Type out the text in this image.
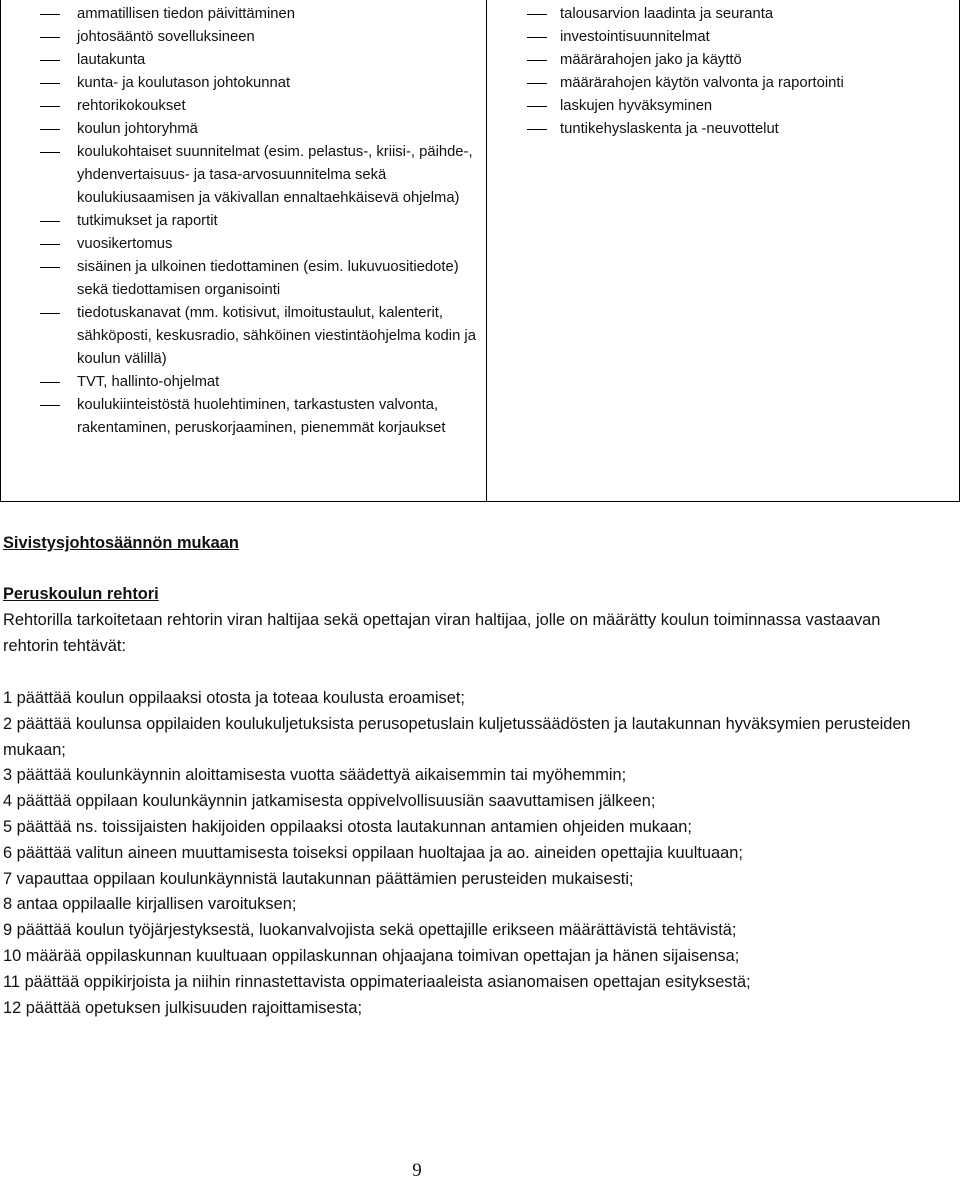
ammatillisen tiedon päivittäminen
johtosääntö sovelluksineen
lautakunta
kunta- ja koulutason johtokunnat
rehtorikokoukset
koulun johtoryhmä
koulukohtaiset suunnitelmat (esim. pelastus-, kriisi-, päihde-, yhdenvertaisuus- ja tasa-arvosuunnitelma sekä koulukiusaamisen ja väkivallan ennaltaehkäisevä ohjelma)
tutkimukset ja raportit
vuosikertomus
sisäinen ja ulkoinen tiedottaminen (esim. lukuvuositiedote) sekä tiedottamisen organisointi
tiedotuskanavat (mm. kotisivut, ilmoitustaulut, kalenterit, sähköposti, keskusradio, sähköinen viestintäohjelma kodin ja koulun välillä)
TVT, hallinto-ohjelmat
koulukiinteistöstä huolehtiminen, tarkastusten valvonta, rakentaminen, peruskorjaaminen, pienemmät korjaukset
talousarvion laadinta ja seuranta
investointisuunnitelmat
määrärahojen jako ja käyttö
määrärahojen käytön valvonta ja raportointi
laskujen hyväksyminen
tuntikehyslaskenta ja -neuvottelut
Sivistysjohtosäännön mukaan
Peruskoulun rehtori
Rehtorilla tarkoitetaan rehtorin viran haltijaa sekä opettajan viran haltijaa, jolle on määrätty koulun toiminnassa vastaavan rehtorin tehtävät:
1 päättää koulun oppilaaksi otosta ja toteaa koulusta eroamiset;
2 päättää koulunsa oppilaiden koulukuljetuksista perusopetuslain kuljetussäädösten ja lautakunnan hyväksymien perusteiden mukaan;
3 päättää koulunkäynnin aloittamisesta vuotta säädettyä aikaisemmin tai myöhemmin;
4 päättää oppilaan koulunkäynnin jatkamisesta oppivelvollisuusiän saavuttamisen jälkeen;
5 päättää ns. toissijaisten hakijoiden oppilaaksi otosta lautakunnan antamien ohjeiden mukaan;
6 päättää valitun aineen muuttamisesta toiseksi oppilaan huoltajaa ja ao. aineiden opettajia kuultuaan;
7 vapauttaa oppilaan koulunkäynnistä lautakunnan päättämien perusteiden mukaisesti;
8 antaa oppilaalle kirjallisen varoituksen;
9 päättää koulun työjärjestyksestä, luokanvalvojista sekä opettajille erikseen määrättävistä tehtävistä;
10 määrää oppilaskunnan kuultuaan oppilaskunnan ohjaajana toimivan opettajan ja hänen sijaisensa;
11 päättää oppikirjoista ja niihin rinnastettavista oppimateriaaleista asianomaisen opettajan esityksestä;
12 päättää opetuksen julkisuuden rajoittamisesta;
9
